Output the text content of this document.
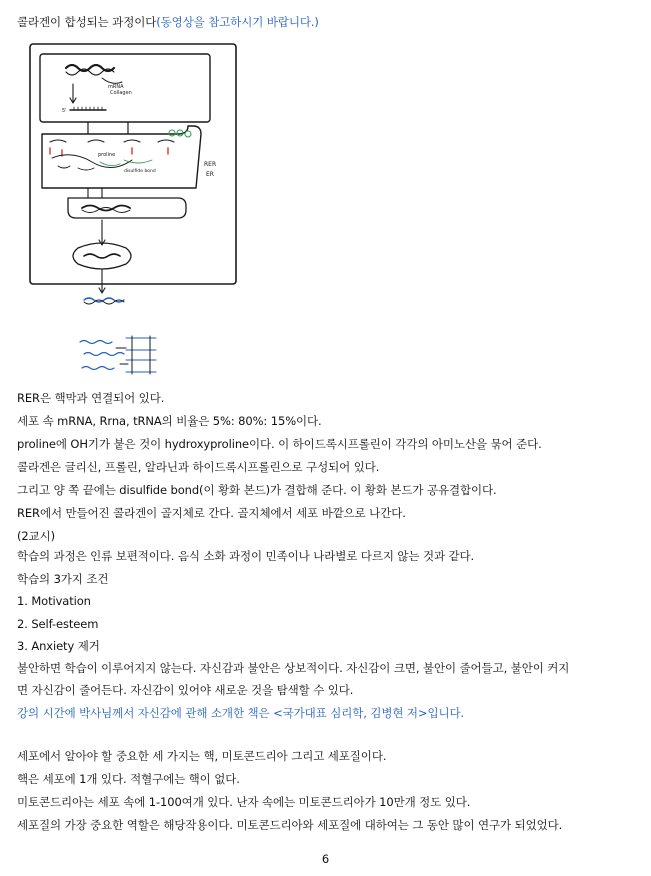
콜라겐이 합성되는 과정이다(동영상을 참고하시기 바랍니다.)
mRNA
Collagen
5'
proline
disulfide bond
RER
ER
RER은 핵막과 연결되어 있다.
세포 속 mRNA, Rrna, tRNA의 비율은 5%: 80%: 15%이다.
proline에 OH기가 붙은 것이 hydroxyproline이다. 이 하이드록시프롤린이 각각의 아미노산을 묶어 준다.
콜라겐은 글리신, 프롤린, 알라닌과 하이드록시프롤린으로 구성되어 있다.
그리고 양 쪽 끝에는 disulfide bond(이 황화 본드)가 결합해 준다. 이 황화 본드가 공유결합이다.
RER에서 만들어진 콜라겐이 골지체로 간다. 골지체에서 세포 바깥으로 나간다.
(2교시)
학습의 과정은 인류 보편적이다. 음식 소화 과정이 민족이나 나라별로 다르지 않는 것과 같다.
학습의 3가지 조건
1. Motivation
2. Self-esteem
3. Anxiety 제거
불안하면 학습이 이루어지지 않는다. 자신감과 불안은 상보적이다. 자신감이 크면, 불안이 줄어들고, 불안이 커지
면 자신감이 줄어든다. 자신감이 있어야 새로운 것을 탐색할 수 있다.
강의 시간에 박사님께서 자신감에 관해 소개한 책은 <국가대표 심리학, 김병현 저>입니다.
세포에서 알아야 할 중요한 세 가지는 핵, 미토콘드리아 그리고 세포질이다.
핵은 세포에 1개 있다. 적혈구에는 핵이 없다.
미토콘드리아는 세포 속에 1-100여개 있다. 난자 속에는 미토콘드리아가 10만개 정도 있다.
세포질의 가장 중요한 역할은 해당작용이다. 미토콘드리아와 세포질에 대하여는 그 동안 많이 연구가 되었었다.
6
